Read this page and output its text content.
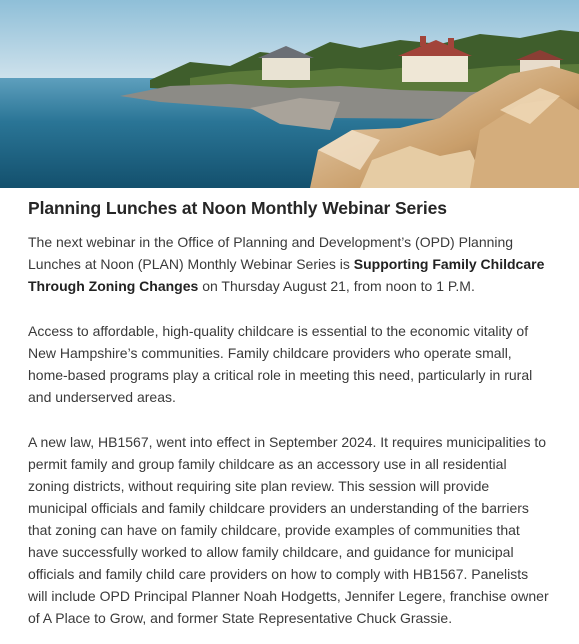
Planning Lunches at Noon Monthly Webinar Series

The next webinar in the Office of Planning and Development’s (OPD) Planning Lunches at Noon (PLAN) Monthly Webinar Series is Supporting Family Childcare Through Zoning Changes on Thursday August 21, from noon to 1 P.M.

Access to affordable, high-quality childcare is essential to the economic vitality of New Hampshire’s communities. Family childcare providers who operate small, home-based programs play a critical role in meeting this need, particularly in rural and underserved areas.

A new law, HB1567, went into effect in September 2024. It requires municipalities to permit family and group family childcare as an accessory use in all residential zoning districts, without requiring site plan review. This session will provide municipal officials and family childcare providers an understanding of the barriers that zoning can have on family childcare, provide examples of communities that have successfully worked to allow family childcare, and guidance for municipal officials and family child care providers on how to comply with HB1567. Panelists will include OPD Principal Planner Noah Hodgetts, Jennifer Legere, franchise owner of A Place to Grow, and former State Representative Chuck Grassie.
